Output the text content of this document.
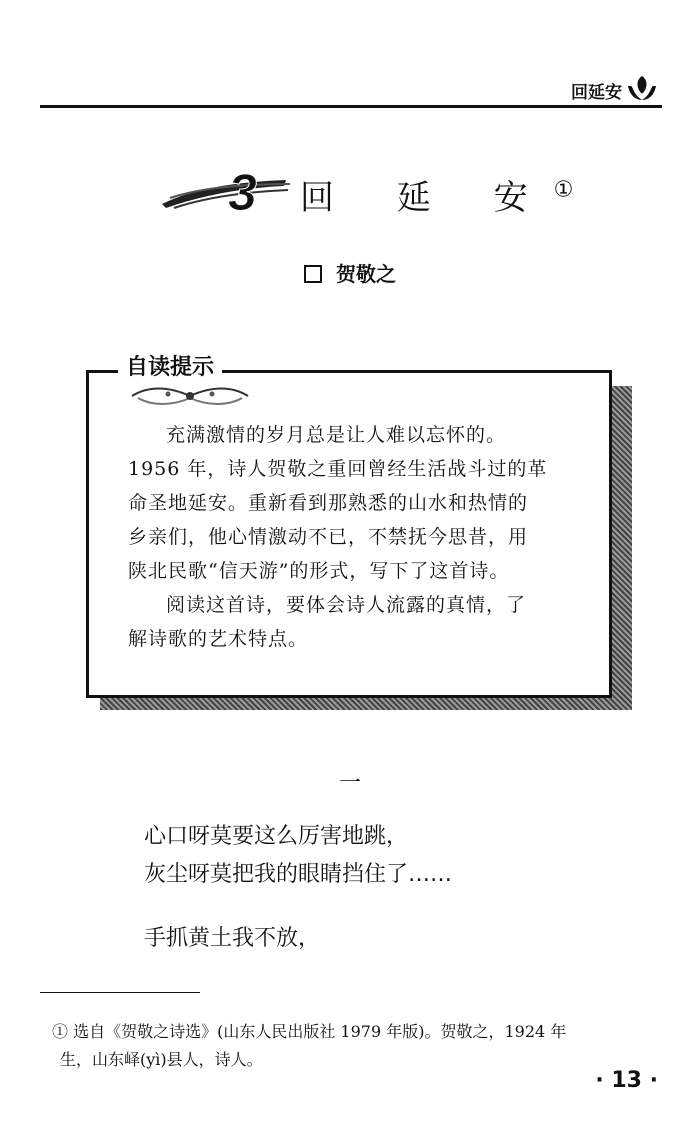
回延安
3 回 延 安①
贺敬之
自读提示

充满激情的岁月总是让人难以忘怀的。

1956 年，诗人贺敬之重回曾经生活战斗过的革

命圣地延安。重新看到那熟悉的山水和热情的

乡亲们，他心情激动不已，不禁抚今思昔，用

陕北民歌“信天游”的形式，写下了这首诗。

阅读这首诗，要体会诗人流露的真情，了

解诗歌的艺术特点。

一

心口呀莫要这么厉害地跳，

灰尘呀莫把我的眼睛挡住了……

手抓黄土我不放，

① 选自《贺敬之诗选》(山东人民出版社 1979 年版)。贺敬之，1924 年

生，山东峄(yì)县人，诗人。

· 13 ·
